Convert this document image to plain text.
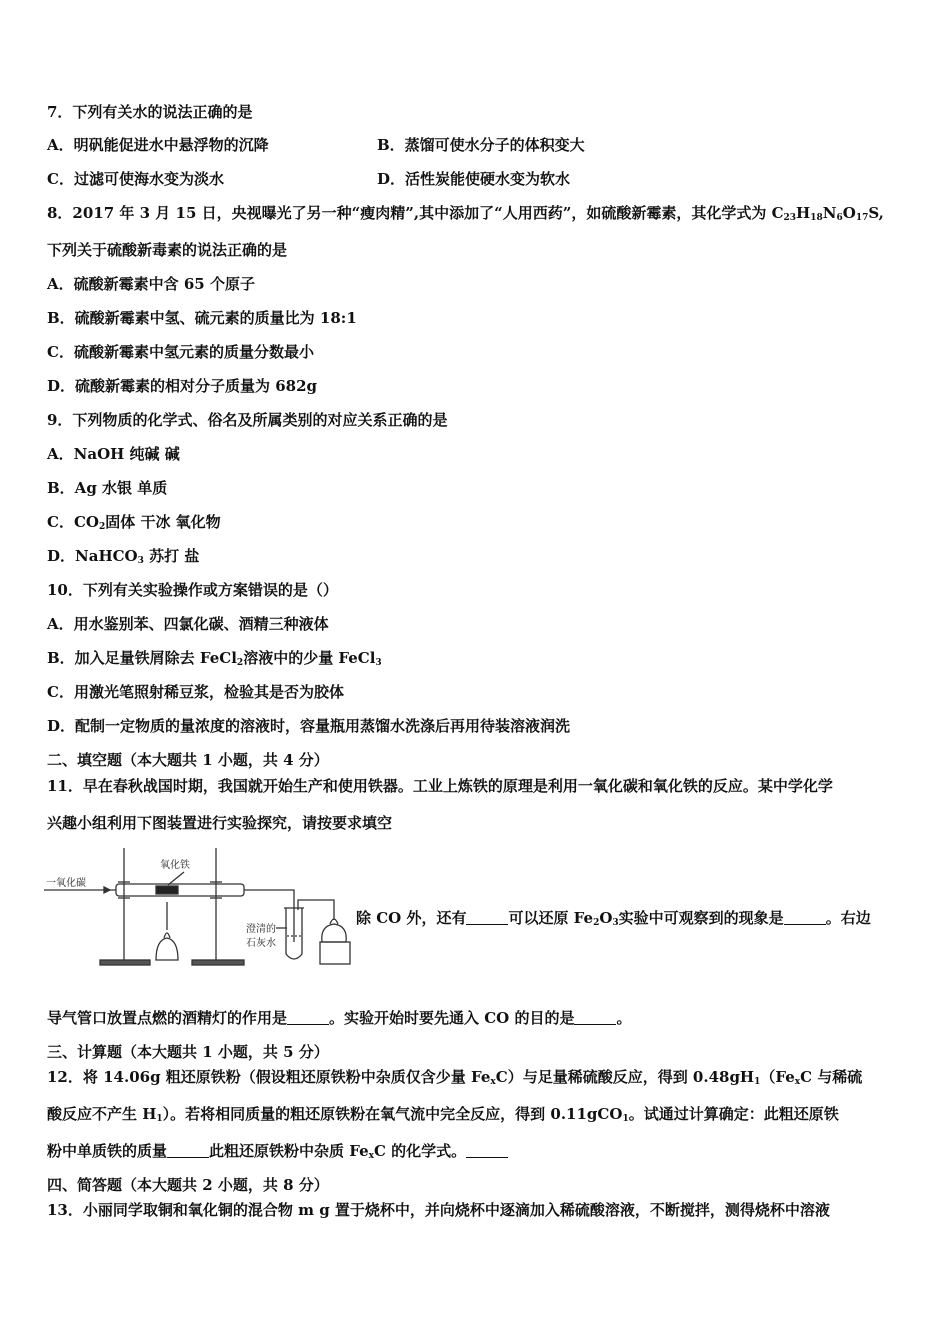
7．下列有关水的说法正确的是
A．明矾能促进水中悬浮物的沉降	B．蒸馏可使水分子的体积变大
C．过滤可使海水变为淡水	D．活性炭能使硬水变为软水
8．2017 年 3 月 15 日，央视曝光了另一种“瘦肉精”,其中添加了“人用西药”，如硫酸新霉素，其化学式为 $C_{23}H_{18}N_6O_{17}S$,
下列关于硫酸新毒素的说法正确的是
A．硫酸新霉素中含 65 个原子
B．硫酸新霉素中氢、硫元素的质量比为 18:1
C．硫酸新霉素中氢元素的质量分数最小
D．硫酸新霉素的相对分子质量为 682g
9．下列物质的化学式、俗名及所属类别的对应关系正确的是
A．NaOH 纯碱 碱
B．Ag 水银 单质
C．$CO_2$固体 干冰 氧化物
D．NaHCO$_3$ 苏打 盐
10．下列有关实验操作或方案错误的是（）
A．用水鉴别苯、四氯化碳、酒精三种液体
B．加入足量铁屑除去 FeCl$_2$溶液中的少量 FeCl$_3$
C．用激光笔照射稀豆浆，检验其是否为胶体
D．配制一定物质的量浓度的溶液时，容量瓶用蒸馏水洗涤后再用待装溶液润洗
二、填空题（本大题共 1 小题，共 4 分）
11．早在春秋战国时期，我国就开始生产和使用铁器。工业上炼铁的原理是利用一氧化碳和氧化铁的反应。某中学化学
兴趣小组利用下图装置进行实验探究，请按要求填空
一氧化碳
氧化铁
澄清的
石灰水
除 CO 外，还有	可以还原 $Fe_2O_3$实验中可观察到的现象是	。右边
导气管口放置点燃的酒精灯的作用是	。实验开始时要先通入 CO 的目的是	。
三、计算题（本大题共 1 小题，共 5 分）
12．将 14.06g 粗还原铁粉（假设粗还原铁粉中杂质仅含少量 $Fe_xC$）与足量稀硫酸反应，得到 $0.48gH_1(Fe_xC$ 与稀硫
酸反应不产生 $H_1$）。若将相同质量的粗还原铁粉在氧气流中完全反应，得到 0.11gCO$_1$。试通过计算确定：此粗还原铁
粉中单质铁的质量	此粗还原铁粉中杂质 $Fe_xC$ 的化学式。
四、简答题（本大题共 2 小题，共 8 分）
13．小丽同学取铜和氧化铜的混合物 m g 置于烧杯中，并向烧杯中逐滴加入稀硫酸溶液，不断搅拌，测得烧杯中溶液
